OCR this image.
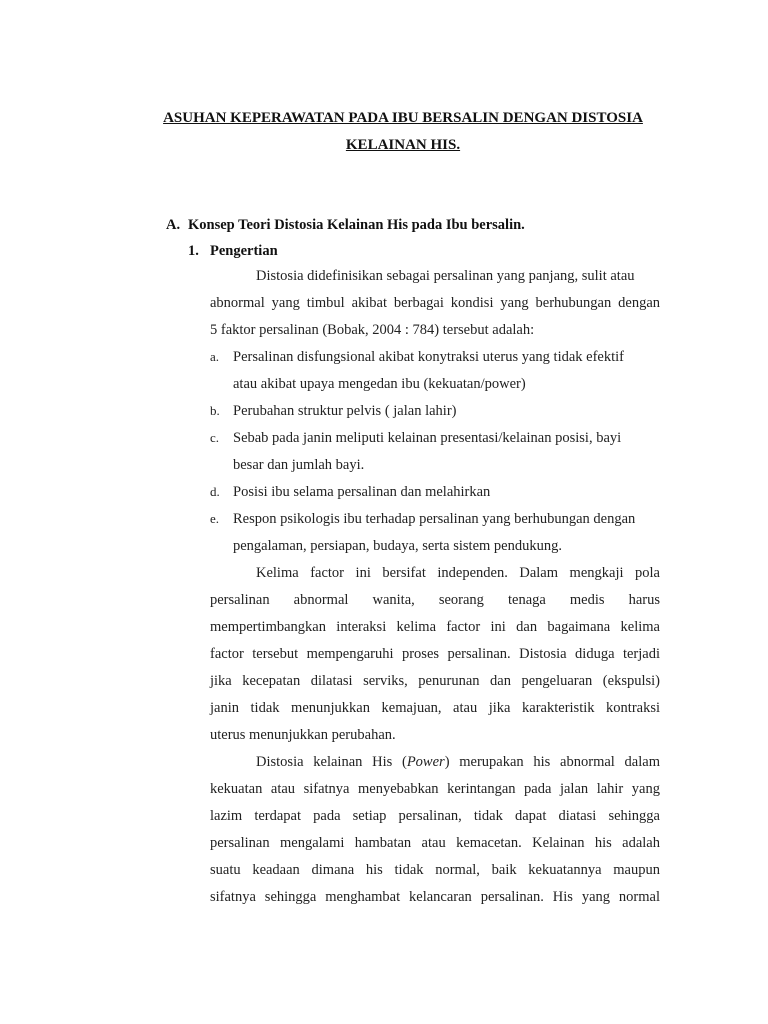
ASUHAN KEPERAWATAN PADA IBU BERSALIN DENGAN DISTOSIA
KELAINAN HIS.
A. Konsep Teori Distosia Kelainan His pada Ibu bersalin.
1. Pengertian
Distosia didefinisikan sebagai persalinan yang panjang, sulit atau
abnormal yang timbul akibat berbagai kondisi yang berhubungan dengan
5 faktor persalinan (Bobak, 2004 : 784) tersebut adalah:
a. Persalinan disfungsional akibat konytraksi uterus yang tidak efektif
atau akibat upaya mengedan ibu (kekuatan/power)
b. Perubahan struktur pelvis ( jalan lahir)
c. Sebab pada janin meliputi kelainan presentasi/kelainan posisi, bayi
besar dan jumlah bayi.
d. Posisi ibu selama persalinan dan melahirkan
e. Respon psikologis ibu terhadap persalinan yang berhubungan dengan
pengalaman, persiapan, budaya, serta sistem pendukung.
Kelima factor ini bersifat independen. Dalam mengkaji pola
persalinan abnormal wanita, seorang tenaga medis harus
mempertimbangkan interaksi kelima factor ini dan bagaimana kelima
factor tersebut mempengaruhi proses persalinan. Distosia diduga terjadi
jika kecepatan dilatasi serviks, penurunan dan pengeluaran (ekspulsi)
janin tidak menunjukkan kemajuan, atau jika karakteristik kontraksi
uterus menunjukkan perubahan.
Distosia kelainan His (Power) merupakan his abnormal dalam
kekuatan atau sifatnya menyebabkan kerintangan pada jalan lahir yang
lazim terdapat pada setiap persalinan, tidak dapat diatasi sehingga
persalinan mengalami hambatan atau kemacetan. Kelainan his adalah
suatu keadaan dimana his tidak normal, baik kekuatannya maupun
sifatnya sehingga menghambat kelancaran persalinan. His yang normal
